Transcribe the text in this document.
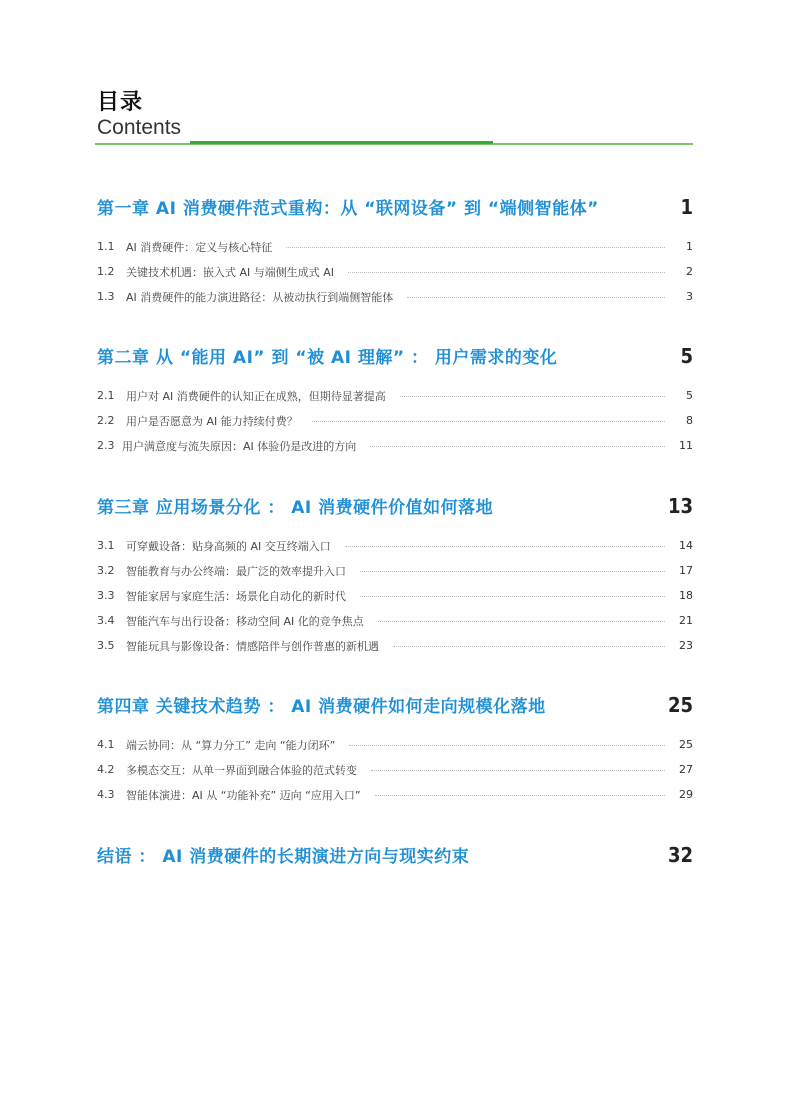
目录
Contents
第一章 AI 消费硬件范式重构：从 “联网设备” 到 “端侧智能体”	1
1.1	AI 消费硬件：定义与核心特征	1
1.2	关键技术机遇：嵌入式 AI 与端侧生成式 AI	2
1.3	AI 消费硬件的能力演进路径：从被动执行到端侧智能体	3
第二章 从 “能用 AI” 到 “被 AI 理解” ： 用户需求的变化	5
2.1	用户对 AI 消费硬件的认知正在成熟，但期待显著提高	5
2.2	用户是否愿意为 AI 能力持续付费？	8
2.3 用户满意度与流失原因：AI 体验仍是改进的方向	11
第三章 应用场景分化 ： AI 消费硬件价值如何落地	13
3.1	可穿戴设备：贴身高频的 AI 交互终端入口	14
3.2	智能教育与办公终端：最广泛的效率提升入口	17
3.3	智能家居与家庭生活：场景化自动化的新时代	18
3.4	智能汽车与出行设备：移动空间 AI 化的竞争焦点	21
3.5	智能玩具与影像设备：情感陪伴与创作普惠的新机遇	23
第四章 关键技术趋势 ： AI 消费硬件如何走向规模化落地	25
4.1	端云协同：从 “算力分工” 走向 “能力闭环”	25
4.2	多模态交互：从单一界面到融合体验的范式转变	27
4.3	智能体演进：AI 从 “功能补充” 迈向 “应用入口”	29
结语 ： AI 消费硬件的长期演进方向与现实约束	32
